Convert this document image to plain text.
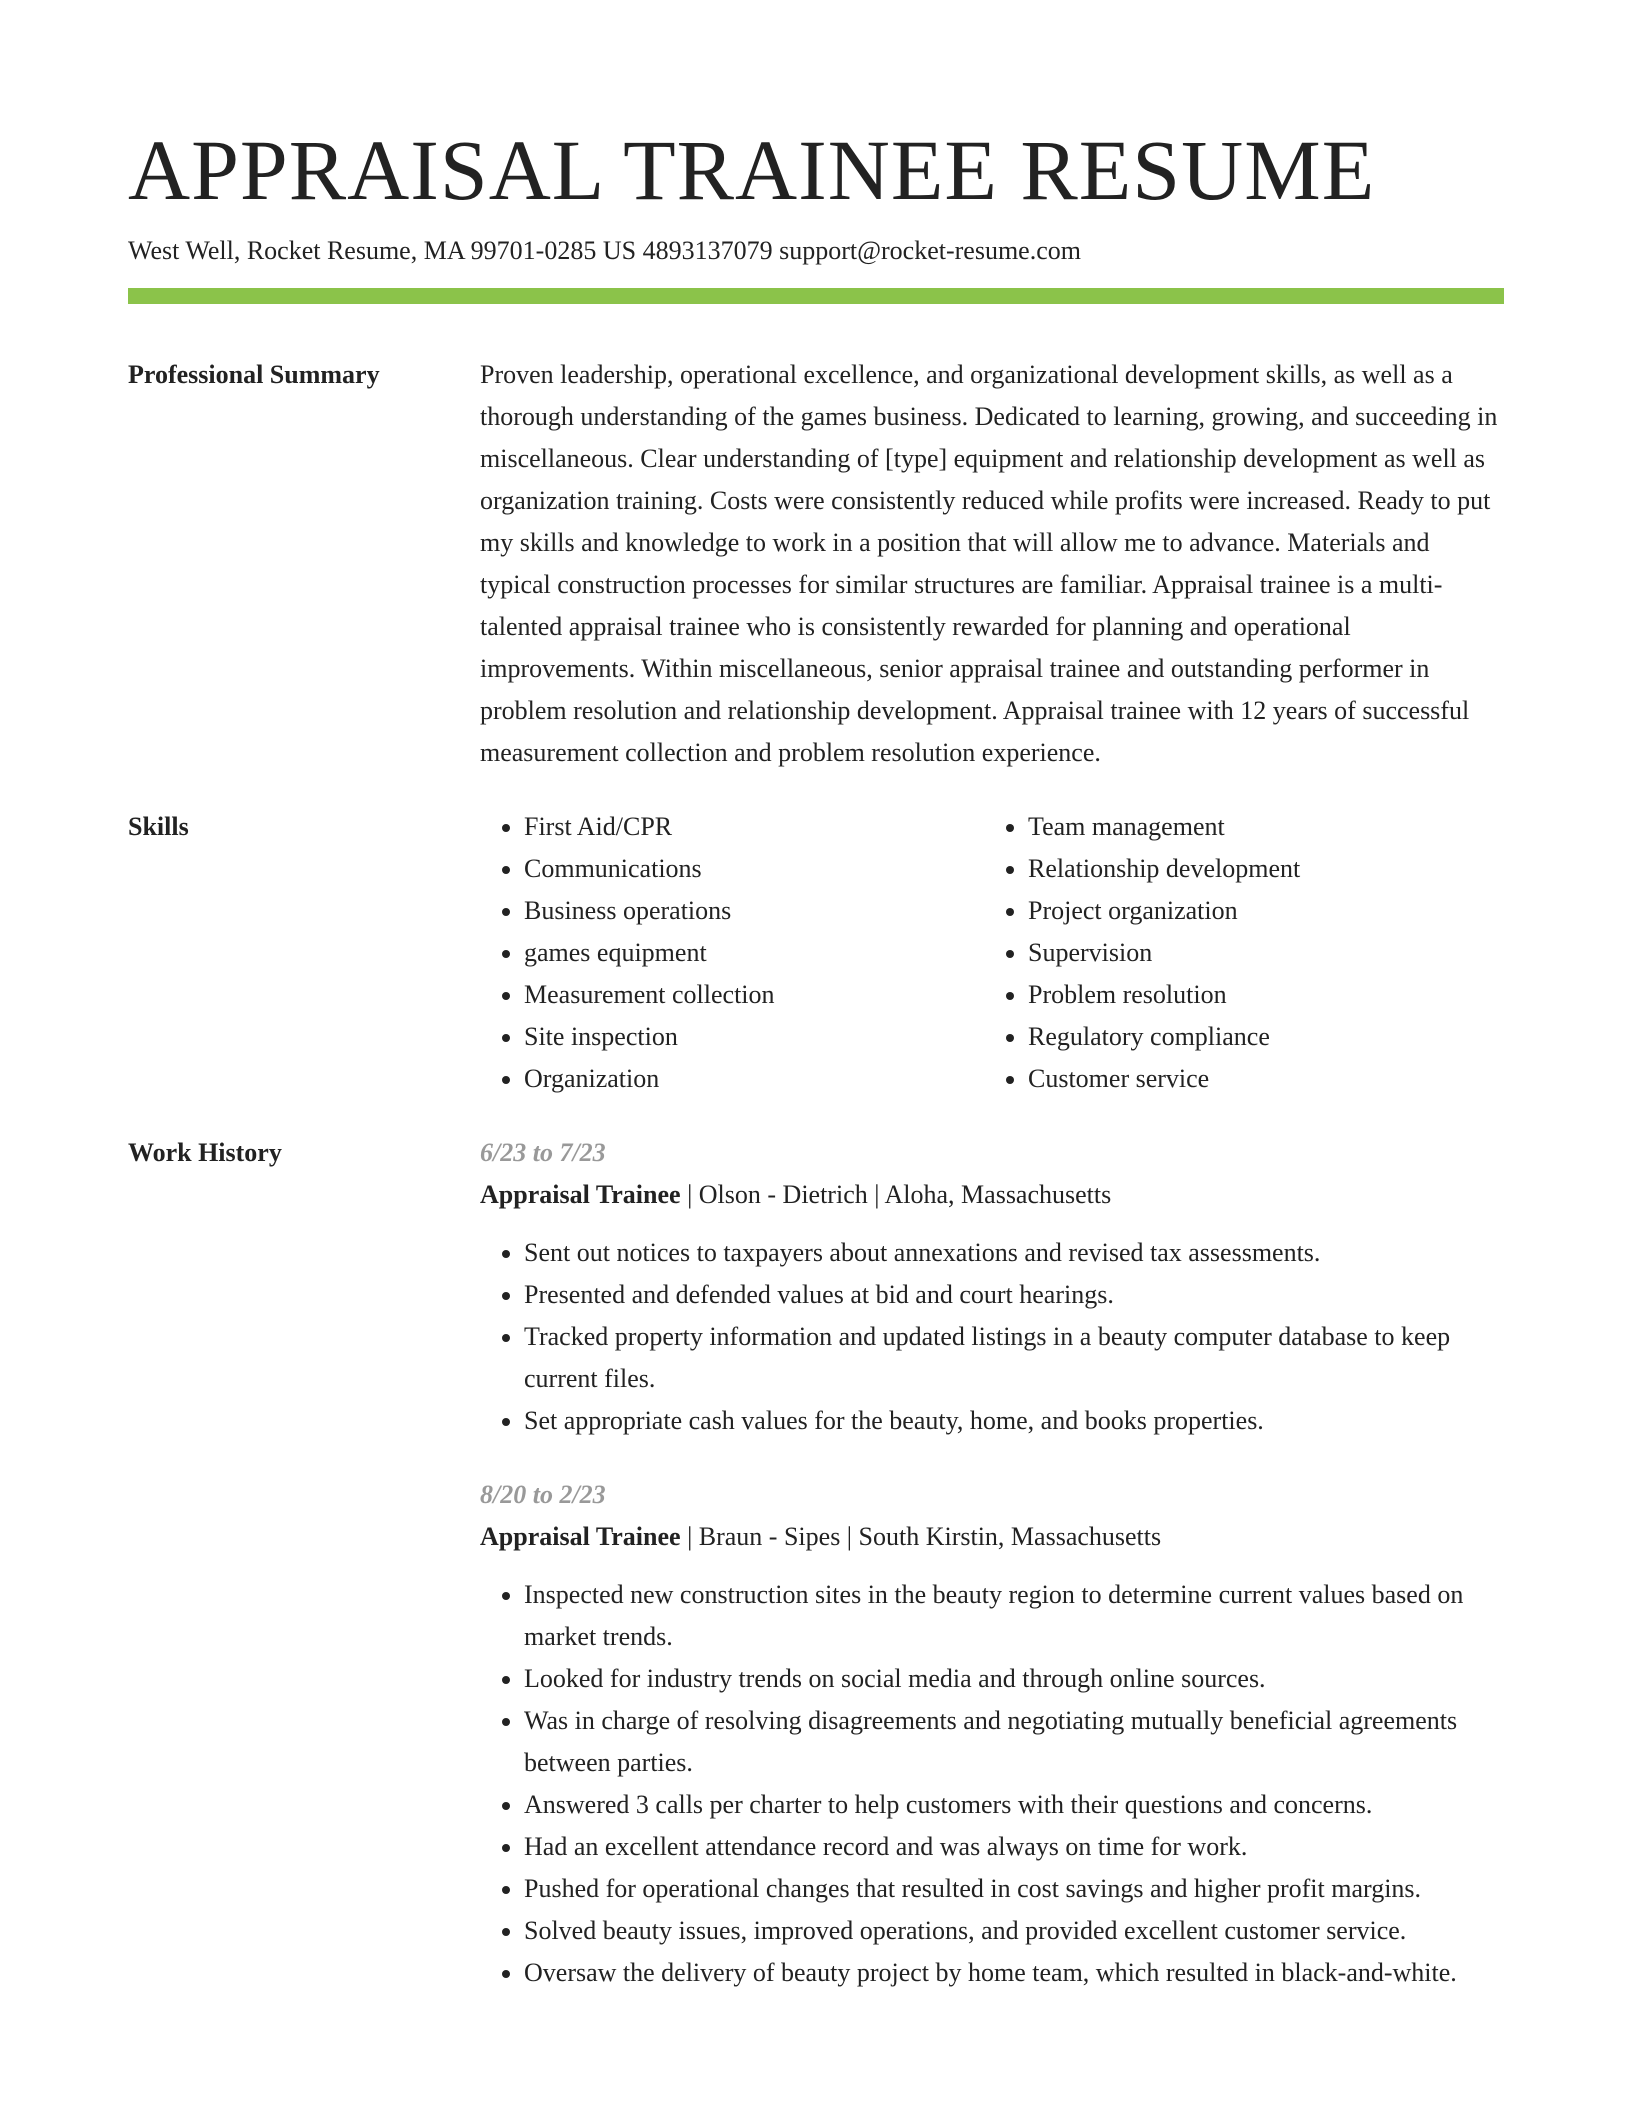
APPRAISAL TRAINEE RESUME
West Well, Rocket Resume, MA 99701-0285 US 4893137079 support@rocket-resume.com
Professional Summary	Proven leadership, operational excellence, and organizational development skills, as well as a thorough understanding of the games business. Dedicated to learning, growing, and succeeding in miscellaneous. Clear understanding of [type] equipment and relationship development as well as organization training. Costs were consistently reduced while profits were increased. Ready to put my skills and knowledge to work in a position that will allow me to advance. Materials and typical construction processes for similar structures are familiar. Appraisal trainee is a multi-talented appraisal trainee who is consistently rewarded for planning and operational improvements. Within miscellaneous, senior appraisal trainee and outstanding performer in problem resolution and relationship development. Appraisal trainee with 12 years of successful measurement collection and problem resolution experience.

Skills
•	First Aid/CPR
• Communications
• Business operations
• games equipment
• Measurement collection
• Site inspection
• Organization
• Team management
• Relationship development
• Project organization
• Supervision
• Problem resolution
• Regulatory compliance
• Customer service
Work History	6/23 to 7/23
Appraisal Trainee | Olson - Dietrich | Aloha, Massachusetts
• Sent out notices to taxpayers about annexations and revised tax assessments.
• Presented and defended values at bid and court hearings.
• Tracked property information and updated listings in a beauty computer database to keep current files.
• Set appropriate cash values for the beauty, home, and books properties.
8/20 to 2/23
Appraisal Trainee | Braun - Sipes | South Kirstin, Massachusetts
• Inspected new construction sites in the beauty region to determine current values based on market trends.
• Looked for industry trends on social media and through online sources.
• Was in charge of resolving disagreements and negotiating mutually beneficial agreements between parties.
• Answered 3 calls per charter to help customers with their questions and concerns.
• Had an excellent attendance record and was always on time for work.
• Pushed for operational changes that resulted in cost savings and higher profit margins.
• Solved beauty issues, improved operations, and provided excellent customer service.
• Oversaw the delivery of beauty project by home team, which resulted in black-and-white.
